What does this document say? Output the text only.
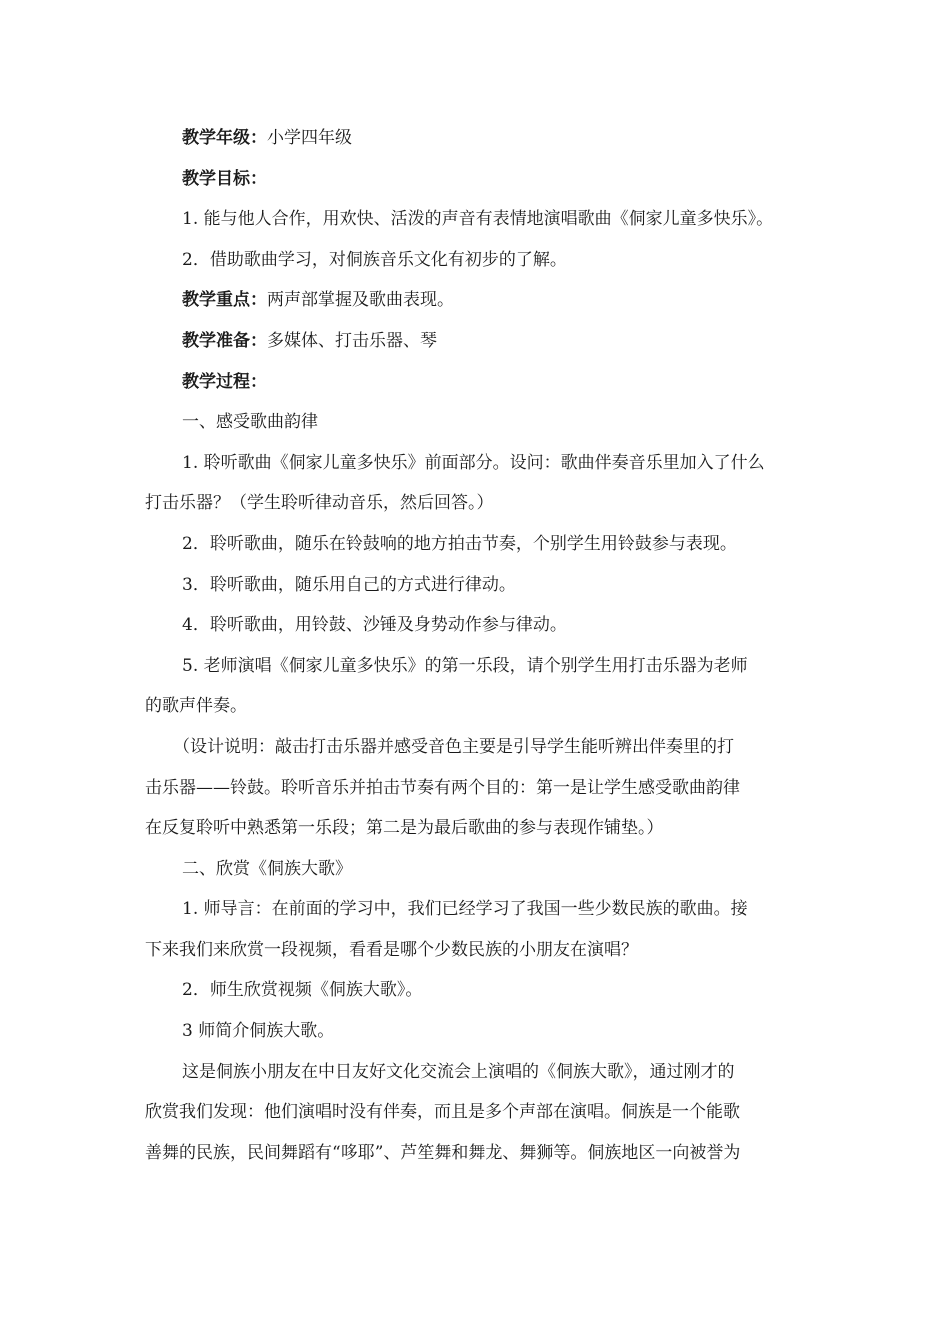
教学年级：小学四年级

教学目标：

1. 能与他人合作，用欢快、活泼的声音有表情地演唱歌曲《侗家儿童多快乐》。

2．借助歌曲学习，对侗族音乐文化有初步的了解。

教学重点：两声部掌握及歌曲表现。

教学准备：多媒体、打击乐器、琴

教学过程：

一、感受歌曲韵律

1. 聆听歌曲《侗家儿童多快乐》前面部分。设问：歌曲伴奏音乐里加入了什么

打击乐器？（学生聆听律动音乐，然后回答。）

2．聆听歌曲，随乐在铃鼓响的地方拍击节奏，个别学生用铃鼓参与表现。

3．聆听歌曲，随乐用自己的方式进行律动。

4．聆听歌曲，用铃鼓、沙锤及身势动作参与律动。

5. 老师演唱《侗家儿童多快乐》的第一乐段，请个别学生用打击乐器为老师

的歌声伴奏。

（设计说明：敲击打击乐器并感受音色主要是引导学生能听辨出伴奏里的打

击乐器——铃鼓。聆听音乐并拍击节奏有两个目的：第一是让学生感受歌曲韵律

在反复聆听中熟悉第一乐段；第二是为最后歌曲的参与表现作铺垫。）

二、欣赏《侗族大歌》

1. 师导言：在前面的学习中，我们已经学习了我国一些少数民族的歌曲。接

下来我们来欣赏一段视频，看看是哪个少数民族的小朋友在演唱？

2．师生欣赏视频《侗族大歌》。

3 师简介侗族大歌。

这是侗族小朋友在中日友好文化交流会上演唱的《侗族大歌》，通过刚才的

欣赏我们发现：他们演唱时没有伴奏，而且是多个声部在演唱。侗族是一个能歌

善舞的民族，民间舞蹈有“哆耶”、芦笙舞和舞龙、舞狮等。侗族地区一向被誉为
